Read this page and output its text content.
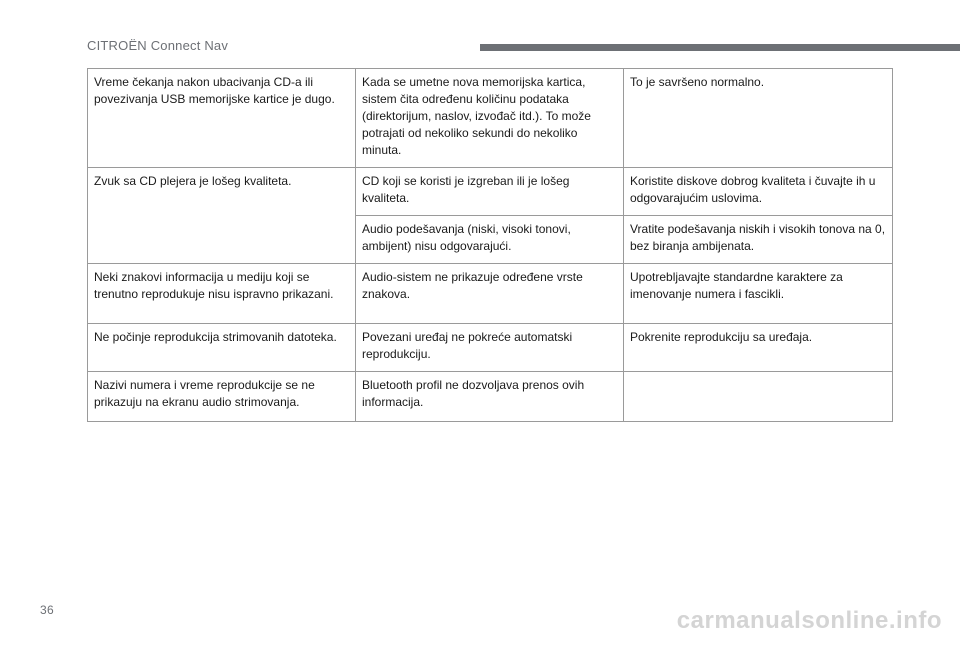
CITROËN Connect Nav
Vreme čekanja nakon ubacivanja CD-a ili povezivanja USB memorijske kartice je dugo.	Kada se umetne nova memorijska kartica, sistem čita određenu količinu podataka (direktorijum, naslov, izvođač itd.). To može potrajati od nekoliko sekundi do nekoliko minuta.	To je savršeno normalno.
Zvuk sa CD plejera je lošeg kvaliteta.	CD koji se koristi je izgreban ili je lošeg kvaliteta.	Koristite diskove dobrog kvaliteta i čuvajte ih u odgovarajućim uslovima.
	Audio podešavanja (niski, visoki tonovi, ambijent) nisu odgovarajući.	Vratite podešavanja niskih i visokih tonova na 0, bez biranja ambijenata.
Neki znakovi informacija u mediju koji se trenutno reprodukuje nisu ispravno prikazani.	Audio-sistem ne prikazuje određene vrste znakova.	Upotrebljavajte standardne karaktere za imenovanje numera i fascikli.
Ne počinje reprodukcija strimovanih datoteka.	Povezani uređaj ne pokreće automatski reprodukciju.	Pokrenite reprodukciju sa uređaja.
Nazivi numera i vreme reprodukcije se ne prikazuju na ekranu audio strimovanja.	Bluetooth profil ne dozvoljava prenos ovih informacija.	
36	carmanualsonline.info
